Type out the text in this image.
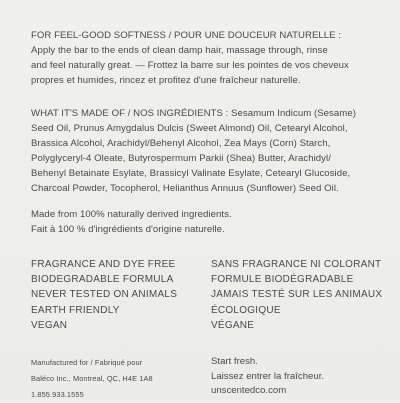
FOR FEEL-GOOD SOFTNESS / POUR UNE DOUCEUR NATURELLE :
Apply the bar to the ends of clean damp hair, massage through, rinse
and feel naturally great. — Frottez la barre sur les pointes de vos cheveux
propres et humides, rincez et profitez d'une fraîcheur naturelle.

WHAT IT'S MADE OF / NOS INGRÉDIENTS : Sesamum Indicum (Sesame)
Seed Oil, Prunus Amygdalus Dulcis (Sweet Almond) Oil, Cetearyl Alcohol,
Brassica Alcohol, Arachidyl/Behenyl Alcohol, Zea Mays (Corn) Starch,
Polyglyceryl-4 Oleate, Butyrospermum Parkii (Shea) Butter, Arachidyl/
Behenyl Betainate Esylate, Brassicyl Valinate Esylate, Cetearyl Glucoside,
Charcoal Powder, Tocopherol, Helianthus Annuus (Sunflower) Seed Oil.

Made from 100% naturally derived ingredients.
Fait à 100 % d'ingrédients d'origine naturelle.

FRAGRANCE AND DYE FREE
BIODEGRADABLE FORMULA
NEVER TESTED ON ANIMALS
EARTH FRIENDLY
VEGAN
SANS FRAGRANCE NI COLORANT
FORMULE BIODÉGRADABLE
JAMAIS TESTÉ SUR LES ANIMAUX
ÉCOLOGIQUE
VÉGANE
Manufactured for / Fabriqué pour
Baléco Inc., Montreal, QC, H4E 1A8
1.855.933.1555
Start fresh.
Laissez entrer la fraîcheur.
unscentedco.com
